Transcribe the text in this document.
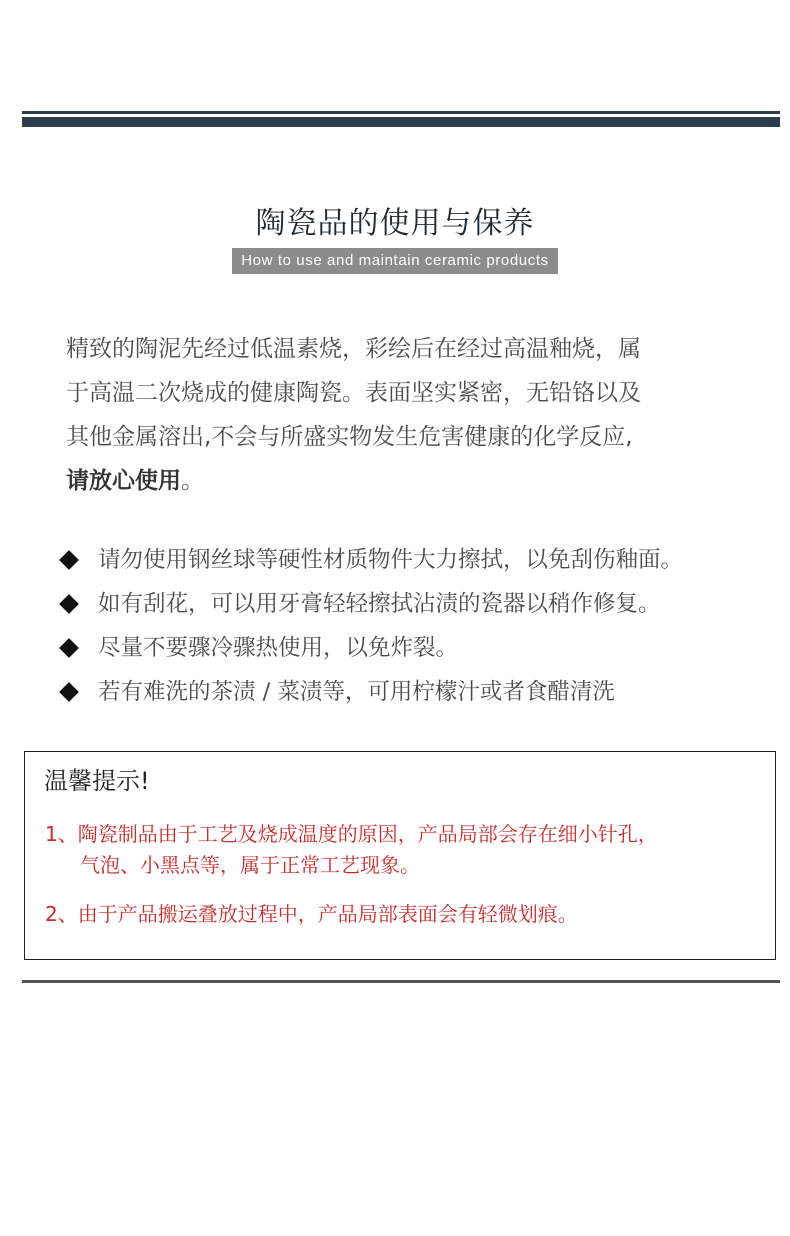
陶瓷品的使用与保养
How to use and maintain ceramic products
精致的陶泥先经过低温素烧，彩绘后在经过高温釉烧，属
于高温二次烧成的健康陶瓷。表面坚实紧密，无铅铬以及
其他金属溶出,不会与所盛实物发生危害健康的化学反应,
请放心使用。
请勿使用钢丝球等硬性材质物件大力擦拭，以免刮伤釉面。
如有刮花，可以用牙膏轻轻擦拭沾渍的瓷器以稍作修复。
尽量不要骤冷骤热使用，以免炸裂。
若有难洗的茶渍 / 菜渍等，可用柠檬汁或者食醋清洗
温馨提示!
1、陶瓷制品由于工艺及烧成温度的原因，产品局部会存在细小针孔，
气泡、小黑点等，属于正常工艺现象。
2、由于产品搬运叠放过程中，产品局部表面会有轻微划痕。
